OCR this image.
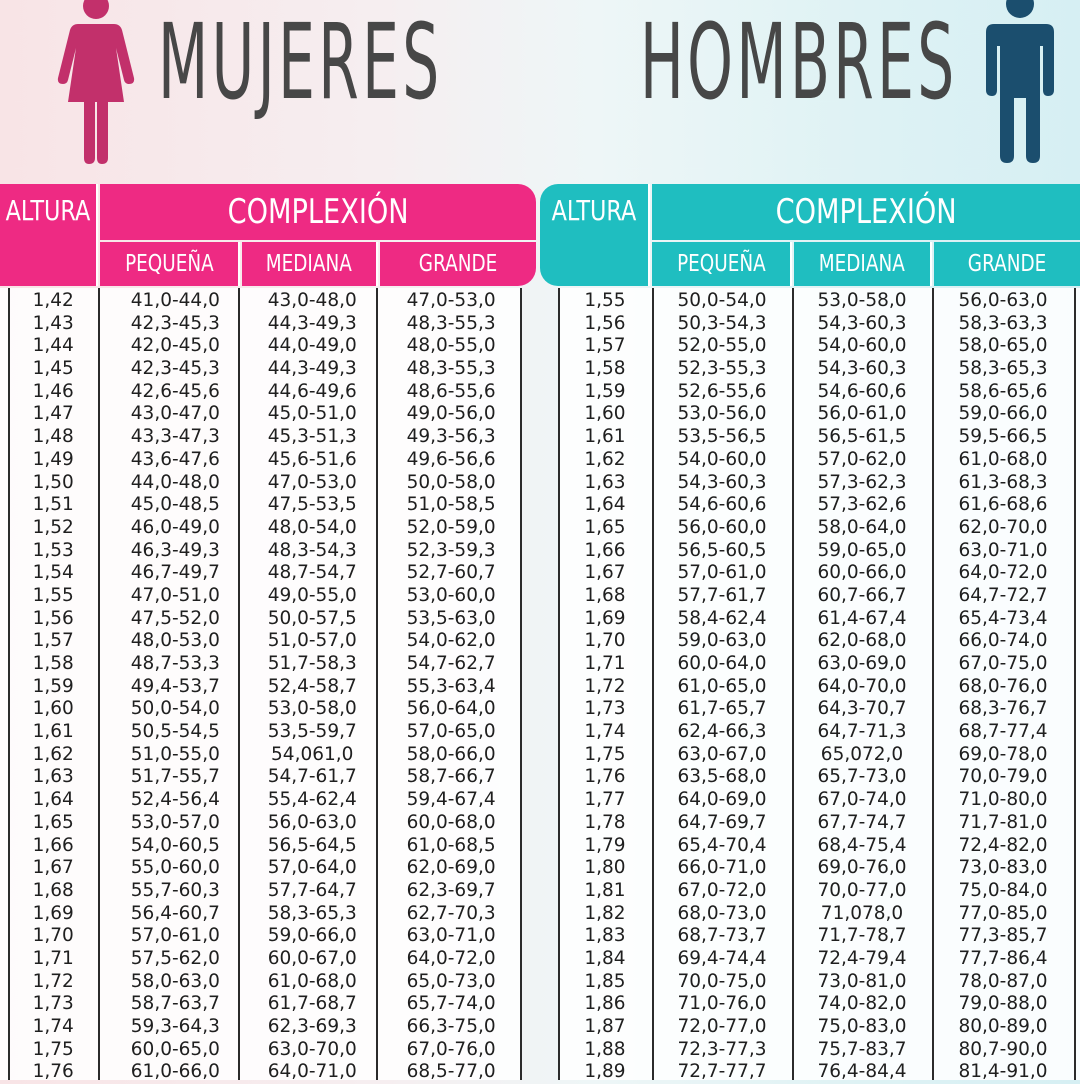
MUJERES HOMBRES
ALTURA	COMPLEXIÓN
PEQUEÑA MEDIANA	GRANDE
ALTURA	COMPLEXIÓN
PEQUEÑA MEDIANA	GRANDE
1,42	41,0-44,0	43,0-48,0	47,0-53,0
1,43	42,3-45,3	44,3-49,3	48,3-55,3
1,44	42,0-45,0	44,0-49,0	48,0-55,0
1,45	42,3-45,3	44,3-49,3	48,3-55,3
1,46	42,6-45,6	44,6-49,6	48,6-55,6
1,47	43,0-47,0	45,0-51,0	49,0-56,0
1,48	43,3-47,3	45,3-51,3	49,3-56,3
1,49	43,6-47,6	45,6-51,6	49,6-56,6
1,50	44,0-48,0	47,0-53,0	50,0-58,0
1,51	45,0-48,5	47,5-53,5	51,0-58,5
1,52	46,0-49,0	48,0-54,0	52,0-59,0
1,53	46,3-49,3	48,3-54,3	52,3-59,3
1,54	46,7-49,7	48,7-54,7	52,7-60,7
1,55	47,0-51,0	49,0-55,0	53,0-60,0
1,56	47,5-52,0	50,0-57,5	53,5-63,0
1,57	48,0-53,0	51,0-57,0	54,0-62,0
1,58	48,7-53,3	51,7-58,3	54,7-62,7
1,59	49,4-53,7	52,4-58,7	55,3-63,4
1,60	50,0-54,0	53,0-58,0	56,0-64,0
1,61	50,5-54,5	53,5-59,7	57,0-65,0
1,62	51,0-55,0	54,061,0	58,0-66,0
1,63	51,7-55,7	54,7-61,7	58,7-66,7
1,64	52,4-56,4	55,4-62,4	59,4-67,4
1,65	53,0-57,0	56,0-63,0	60,0-68,0
1,66	54,0-60,5	56,5-64,5	61,0-68,5
1,67	55,0-60,0	57,0-64,0	62,0-69,0
1,68	55,7-60,3	57,7-64,7	62,3-69,7
1,69	56,4-60,7	58,3-65,3	62,7-70,3
1,70	57,0-61,0	59,0-66,0	63,0-71,0
1,71	57,5-62,0	60,0-67,0	64,0-72,0
1,72	58,0-63,0	61,0-68,0	65,0-73,0
1,73	58,7-63,7	61,7-68,7	65,7-74,0
1,74	59,3-64,3	62,3-69,3	66,3-75,0
1,75	60,0-65,0	63,0-70,0	67,0-76,0
1,76	61,0-66,0	64,0-71,0	68,5-77,0
1,55	50,0-54,0	53,0-58,0	56,0-63,0
1,56	50,3-54,3	54,3-60,3	58,3-63,3
1,57	52,0-55,0	54,0-60,0	58,0-65,0
1,58	52,3-55,3	54,3-60,3	58,3-65,3
1,59	52,6-55,6	54,6-60,6	58,6-65,6
1,60	53,0-56,0	56,0-61,0	59,0-66,0
1,61	53,5-56,5	56,5-61,5	59,5-66,5
1,62	54,0-60,0	57,0-62,0	61,0-68,0
1,63	54,3-60,3	57,3-62,3	61,3-68,3
1,64	54,6-60,6	57,3-62,6	61,6-68,6
1,65	56,0-60,0	58,0-64,0	62,0-70,0
1,66	56,5-60,5	59,0-65,0	63,0-71,0
1,67	57,0-61,0	60,0-66,0	64,0-72,0
1,68	57,7-61,7	60,7-66,7	64,7-72,7
1,69	58,4-62,4	61,4-67,4	65,4-73,4
1,70	59,0-63,0	62,0-68,0	66,0-74,0
1,71	60,0-64,0	63,0-69,0	67,0-75,0
1,72	61,0-65,0	64,0-70,0	68,0-76,0
1,73	61,7-65,7	64,3-70,7	68,3-76,7
1,74	62,4-66,3	64,7-71,3	68,7-77,4
1,75	63,0-67,0	65,072,0	69,0-78,0
1,76	63,5-68,0	65,7-73,0	70,0-79,0
1,77	64,0-69,0	67,0-74,0	71,0-80,0
1,78	64,7-69,7	67,7-74,7	71,7-81,0
1,79	65,4-70,4	68,4-75,4	72,4-82,0
1,80	66,0-71,0	69,0-76,0	73,0-83,0
1,81	67,0-72,0	70,0-77,0	75,0-84,0
1,82	68,0-73,0	71,078,0	77,0-85,0
1,83	68,7-73,7	71,7-78,7	77,3-85,7
1,84	69,4-74,4	72,4-79,4	77,7-86,4
1,85	70,0-75,0	73,0-81,0	78,0-87,0
1,86	71,0-76,0	74,0-82,0	79,0-88,0
1,87	72,0-77,0	75,0-83,0	80,0-89,0
1,88	72,3-77,3	75,7-83,7	80,7-90,0
1,89	72,7-77,7	76,4-84,4	81,4-91,0
